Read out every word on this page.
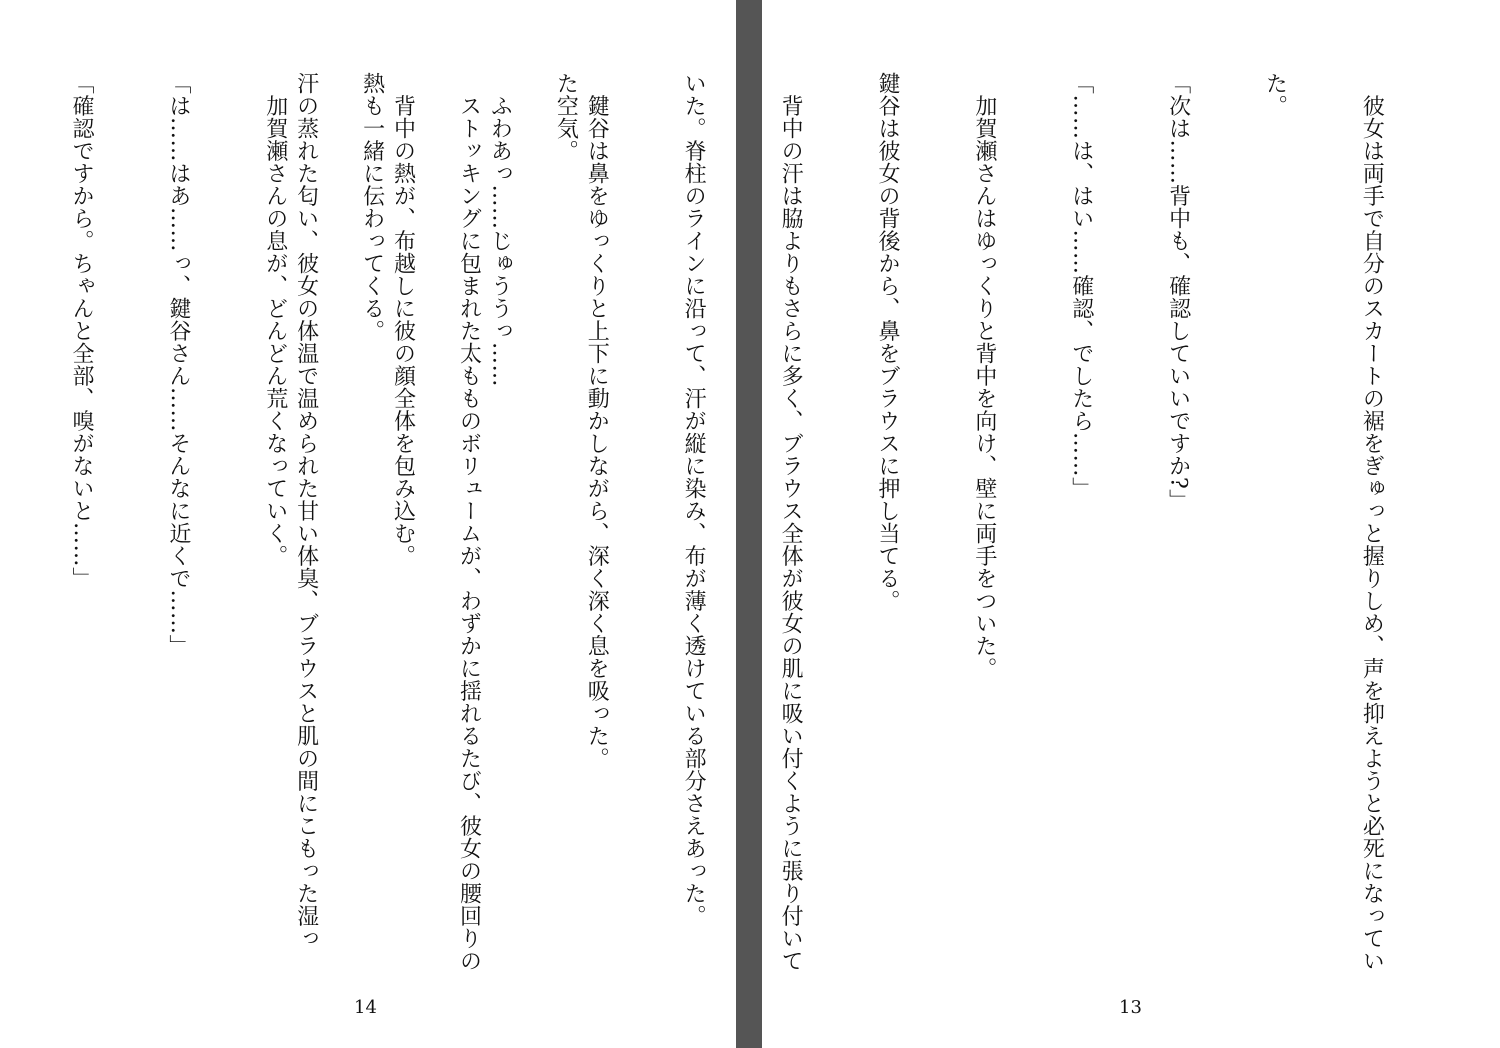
た空気。

　ストッキングに包まれた太もものボリュームが、わずかに揺れるたび、彼女の腰回りの

熱も一緒に伝わってくる。

　加賀瀬さんの息が、どんどん荒くなっていく。

「は……はあ……っ、鍵谷さん……そんなに近くで……」

「確認ですから。ちゃんと全部、嗅がないと……」

14

　彼女は両手で自分のスカートの裾をぎゅっと握りしめ、声を抑えようと必死になってい

た。

「次は……背中も、確認していいですか?」

「……は、はい……確認、でしたら……」

　加賀瀬さんはゆっくりと背中を向け、壁に両手をついた。

鍵谷は彼女の背後から、鼻をブラウスに押し当てる。

　背中の汗は脇よりもさらに多く、ブラウス全体が彼女の肌に吸い付くように張り付いて

いた。脊柱のラインに沿って、汗が縦に染み、布が薄く透けている部分さえあった。

　鍵谷は鼻をゆっくりと上下に動かしながら、深く深く息を吸った。

　ふわあっ……じゅううっ……

　背中の熱が、布越しに彼の顔全体を包み込む。

汗の蒸れた匂い、彼女の体温で温められた甘い体臭、ブラウスと肌の間にこもった湿っ

13
